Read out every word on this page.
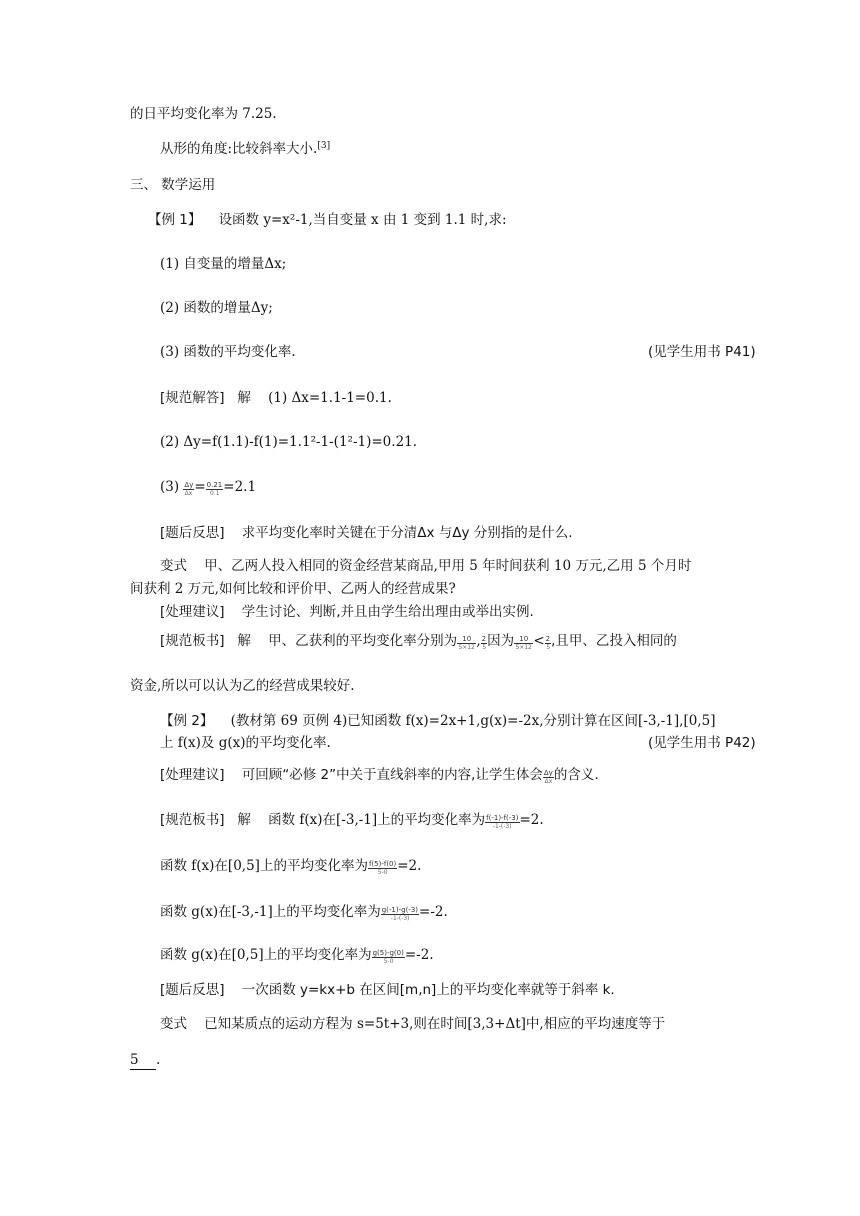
的日平均变化率为 7.25.
从形的角度:比较斜率大小.[3]
三、 数学运用
【例 1】 设函数 y=x²-1,当自变量 x 由 1 变到 1.1 时,求:
(1) 自变量的增量Δx;
(2) 函数的增量Δy;
(3) 函数的平均变化率.	(见学生用书 P41)
[规范解答] 解 (1) Δx=1.1-1=0.1.
(2) Δy=f(1.1)-f(1)=1.1²-1-(1²-1)=0.21.
$(3) \frac{\Delta y}{\Delta x} = \frac{0.21}{0.1} =2.1$
[题后反思] 求平均变化率时关键在于分清Δx 与Δy 分别指的是什么.
变式 甲、乙两人投入相同的资金经营某商品,甲用 5 年时间获利 10 万元,乙用 5 个月时
间获利 2 万元,如何比较和评价甲、乙两人的经营成果?
[处理建议] 学生讨论、判断,并且由学生给出理由或举出实例.
[规范板书] 解 甲、乙获利的平均变化率分别为 $\frac{10}{5\times 12}$ , $\frac{2}{5}$ 因为 $\frac{10}{5\times 12} < \frac{2}{5}$ ,且甲、乙投入相同的
资金,所以可以认为乙的经营成果较好.
【例 2】 (教材第 69 页例 4)已知函数 f(x)=2x+1,g(x)=-2x,分别计算在区间[-3,-1],[0,5]
上 f(x)及 g(x)的平均变化率.	(见学生用书 P42)
[处理建议] 可回顾“必修 2”中关于直线斜率的内容,让学生体会 $\frac{\Delta y}{\Delta x}$ 的含义.
[规范板书] 解 函数 f(x)在[-3,-1]上的平均变化率为 $\frac{f(-1)-f(-3)}{-1-(-3)} =2$.
函数 f(x)在[0,5]上的平均变化率为 $\frac{f(5)-f(0)}{5-0} =2$.
函数 g(x)在[-3,-1]上的平均变化率为 $\frac{g(-1)-g(-3)}{-1-(-3)} =-2$.
函数 g(x)在[0,5]上的平均变化率为 $\frac{g(5)-g(0)}{5-0} =-2$.
[题后反思] 一次函数 y=kx+b 在区间[m,n]上的平均变化率就等于斜率 k.
变式 已知某质点的运动方程为 s=5t+3,则在时间[3,3+Δt]中,相应的平均速度等于
5 .
